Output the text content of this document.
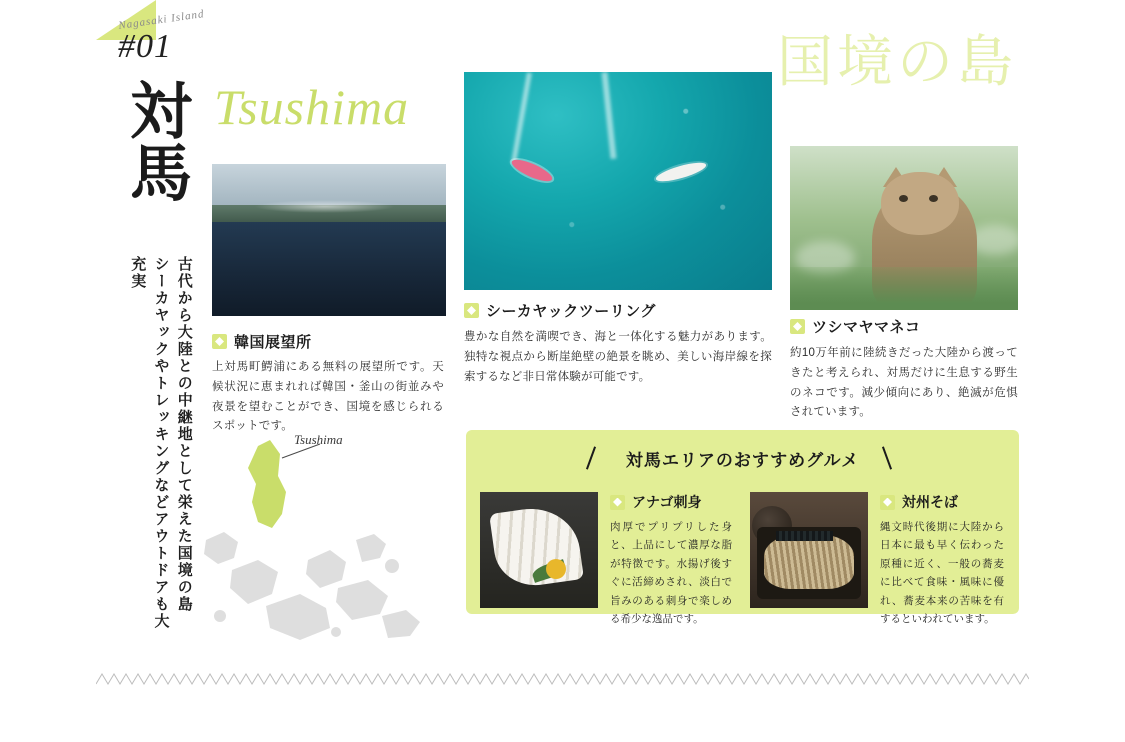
Nagasaki Island
#01
対
馬
Tsushima
国境の島
古代から大陸との中継地として栄えた国境の島
シーカヤックやトレッキングなどアウトドアも大充実
韓国展望所
上対馬町鰐浦にある無料の展望所です。天候状況に恵まれれば韓国・釜山の街並みや夜景を望むことができ、国境を感じられるスポットです。
シーカヤックツーリング
豊かな自然を満喫でき、海と一体化する魅力があります。独特な視点から断崖絶壁の絶景を眺め、美しい海岸線を探索するなど非日常体験が可能です。
ツシマヤマネコ
約10万年前に陸続きだった大陸から渡ってきたと考えられ、対馬だけに生息する野生のネコです。減少傾向にあり、絶滅が危惧されています。
Tsushima
対馬エリアのおすすめグルメ
アナゴ刺身
肉厚でプリプリした身と、上品にして濃厚な脂が特徴です。水揚げ後すぐに活締めされ、淡白で旨みのある刺身で楽しめる希少な逸品です。
対州そば
縄文時代後期に大陸から日本に最も早く伝わった原種に近く、一般の蕎麦に比べて食味・風味に優れ、蕎麦本来の苦味を有するといわれています。
